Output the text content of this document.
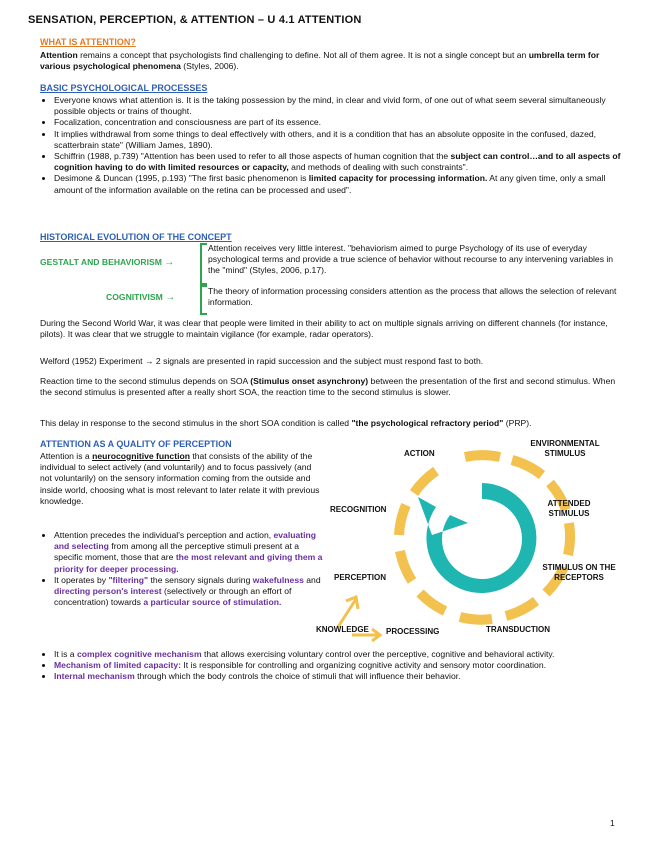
SENSATION, PERCEPTION, & ATTENTION – U 4.1 ATTENTION
WHAT IS ATTENTION?
Attention remains a concept that psychologists find challenging to define. Not all of them agree. It is not a single concept but an umbrella term for various psychological phenomena (Styles, 2006).
BASIC PSYCHOLOGICAL PROCESSES
• Everyone knows what attention is. It is the taking possession by the mind, in clear and vivid form, of one out of what seem several simultaneously possible objects or trains of thought.
• Focalization, concentration and consciousness are part of its essence.
• It implies withdrawal from some things to deal effectively with others, and it is a condition that has an absolute opposite in the confused, dazed, scatterbrain state" (William James, 1890).
• Schiffrin (1988, p.739) "Attention has been used to refer to all those aspects of human cognition that the subject can control…and to all aspects of cognition having to do with limited resources or capacity, and methods of dealing with such constraints".
• Desimone & Duncan (1995, p.193) "The first basic phenomenon is limited capacity for processing information. At any given time, only a small amount of the information available on the retina can be processed and used".
HISTORICAL EVOLUTION OF THE CONCEPT
GESTALT AND BEHAVIORISM →
Attention receives very little interest. "behaviorism aimed to purge Psychology of its use of everyday psychological terms and provide a true science of behavior without recourse to any intervening variables in the "mind" (Styles, 2006, p.17).
COGNITIVISM →
The theory of information processing considers attention as the process that allows the selection of relevant information.
During the Second World War, it was clear that people were limited in their ability to act on multiple signals arriving on different channels (for instance, pilots). It was clear that we struggle to maintain vigilance (for example, radar operators).
Welford (1952) Experiment → 2 signals are presented in rapid succession and the subject must respond fast to both.
Reaction time to the second stimulus depends on SOA (Stimulus onset asynchrony) between the presentation of the first and second stimulus. When the second stimulus is presented after a really short SOA, the reaction time to the second stimulus is slower.
This delay in response to the second stimulus in the short SOA condition is called "the psychological refractory period" (PRP).
ATTENTION AS A QUALITY OF PERCEPTION
Attention is a neurocognitive function that consists of the ability of the individual to select actively (and voluntarily) and to focus passively (and not voluntarily) on the sensory information coming from the outside and inside world, choosing what is most relevant to later relate it with previous knowledge.
• Attention precedes the individual's perception and action, evaluating and selecting from among all the perceptive stimuli present at a specific moment, those that are the most relevant and giving them a priority for deeper processing.
• It operates by "filtering" the sensory signals during wakefulness and directing person's interest (selectively or through an effort of concentration) towards a particular source of stimulation.
• It is a complex cognitive mechanism that allows exercising voluntary control over the perceptive, cognitive and behavioral activity.
• Mechanism of limited capacity: It is responsible for controlling and organizing cognitive activity and sensory motor coordination.
• Internal mechanism through which the body controls the choice of stimuli that will influence their behavior.
ACTION
ENVIRONMENTAL STIMULUS
ATTENDED STIMULUS
STIMULUS ON THE RECEPTORS
TRANSDUCTION
PROCESSING
KNOWLEDGE
PERCEPTION
RECOGNITION
1
